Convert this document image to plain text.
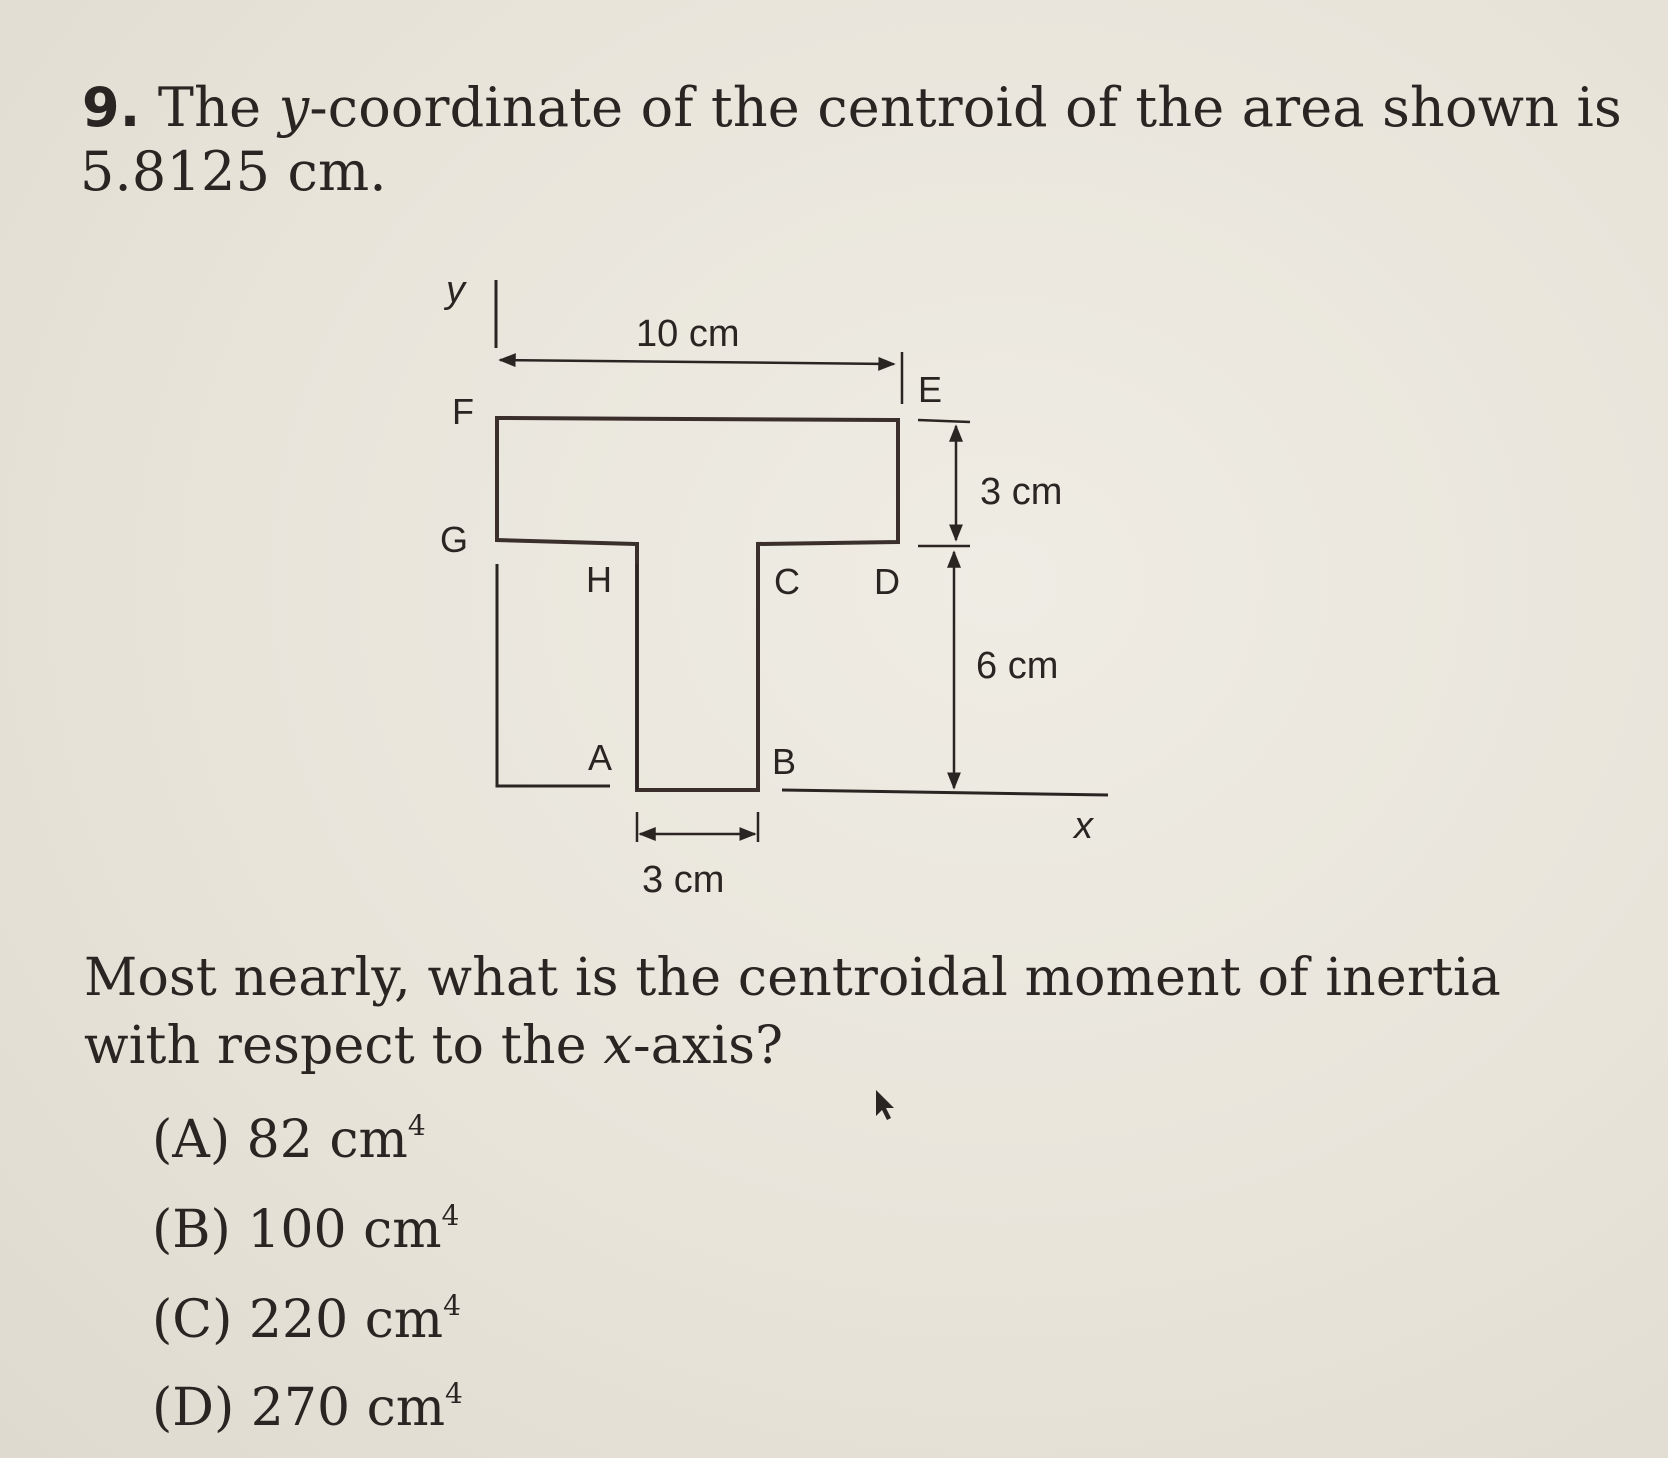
9. The y-coordinate of the centroid of the area shown is
5.8125 cm.
y
x
F
G
H
A	B
C D
E
10 cm
3 cm
6 cm
3 cm
Most nearly, what is the centroidal moment of inertia
with respect to the x-axis?
(A) 82 $cm^4$
(B) 100 $cm^4$
(C) 220 $cm^4$
(D) 270 $cm^4$
